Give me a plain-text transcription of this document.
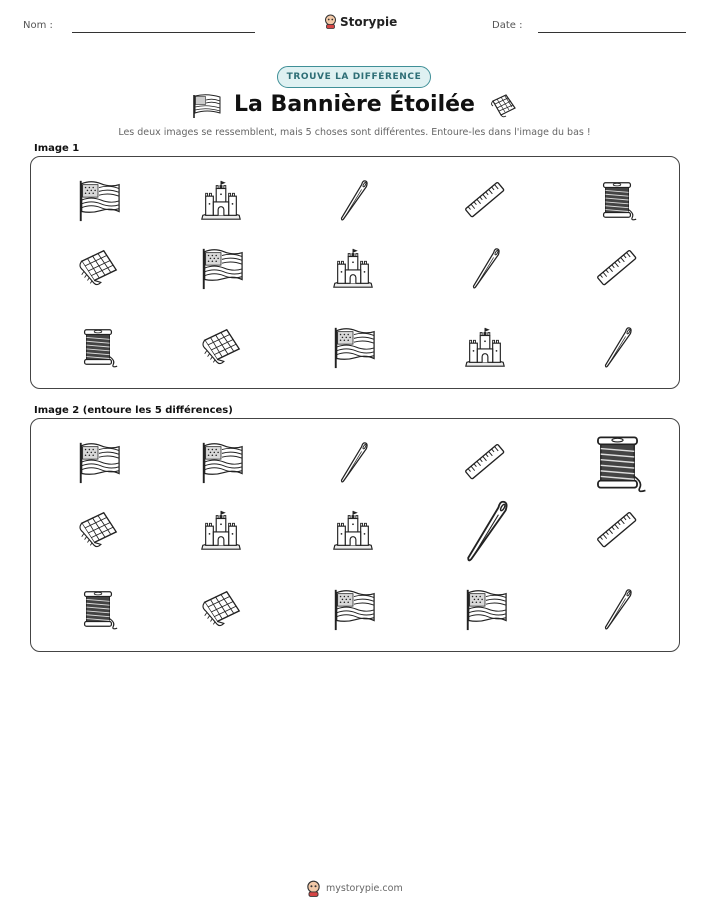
Nom :	Storypie	Date :
TROUVE LA DIFFÉRENCE
La Bannière Étoilée
Les deux images se ressemblent, mais 5 choses sont différentes. Entoure-les dans l'image du bas !
Image 1
Image 2 (entoure les 5 différences)
mystorypie.com
